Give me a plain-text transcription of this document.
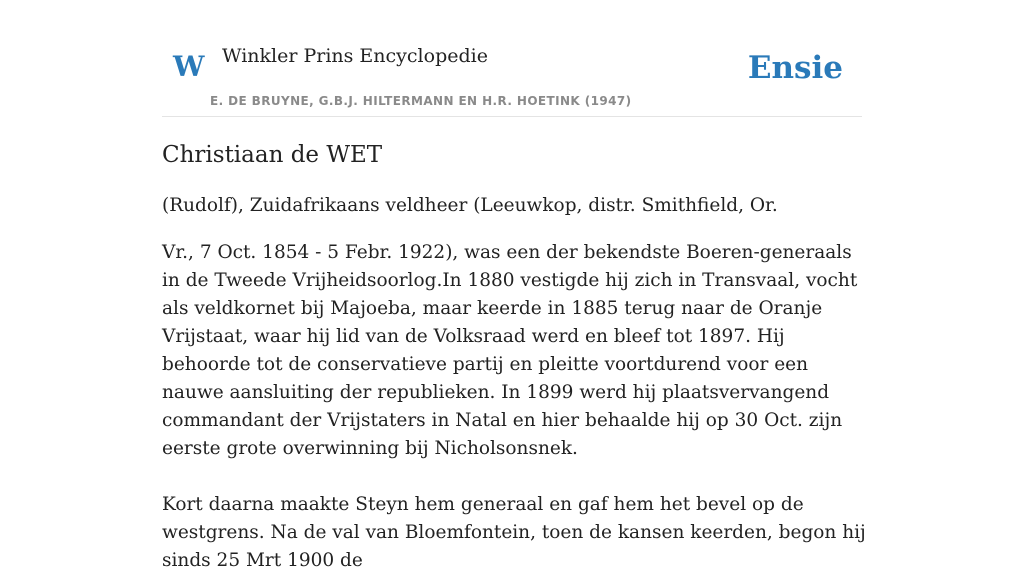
W Winkler Prins Encyclopedie
E. DE BRUYNE, G.B.J. HILTERMANN EN H.R. HOETINK (1947)
Ensie
Christiaan de WET

(Rudolf), Zuidafrikaans veldheer (Leeuwkop, distr. Smithfield, Or.

Vr., 7 Oct. 1854 - 5 Febr. 1922), was een der bekendste Boeren-generaals in de Tweede Vrijheidsoorlog.In 1880 vestigde hij zich in Transvaal, vocht als veldkornet bij Majoeba, maar keerde in 1885 terug naar de Oranje Vrijstaat, waar hij lid van de Volksraad werd en bleef tot 1897. Hij behoorde tot de conservatieve partij en pleitte voortdurend voor een nauwe aansluiting der republieken. In 1899 werd hij plaatsvervangend commandant der Vrijstaters in Natal en hier behaalde hij op 30 Oct. zijn eerste grote overwinning bij Nicholsonsnek.

Kort daarna maakte Steyn hem generaal en gaf hem het bevel op de westgrens. Na de val van Bloemfontein, toen de kansen keerden, begon hij sinds 25 Mrt 1900 de
